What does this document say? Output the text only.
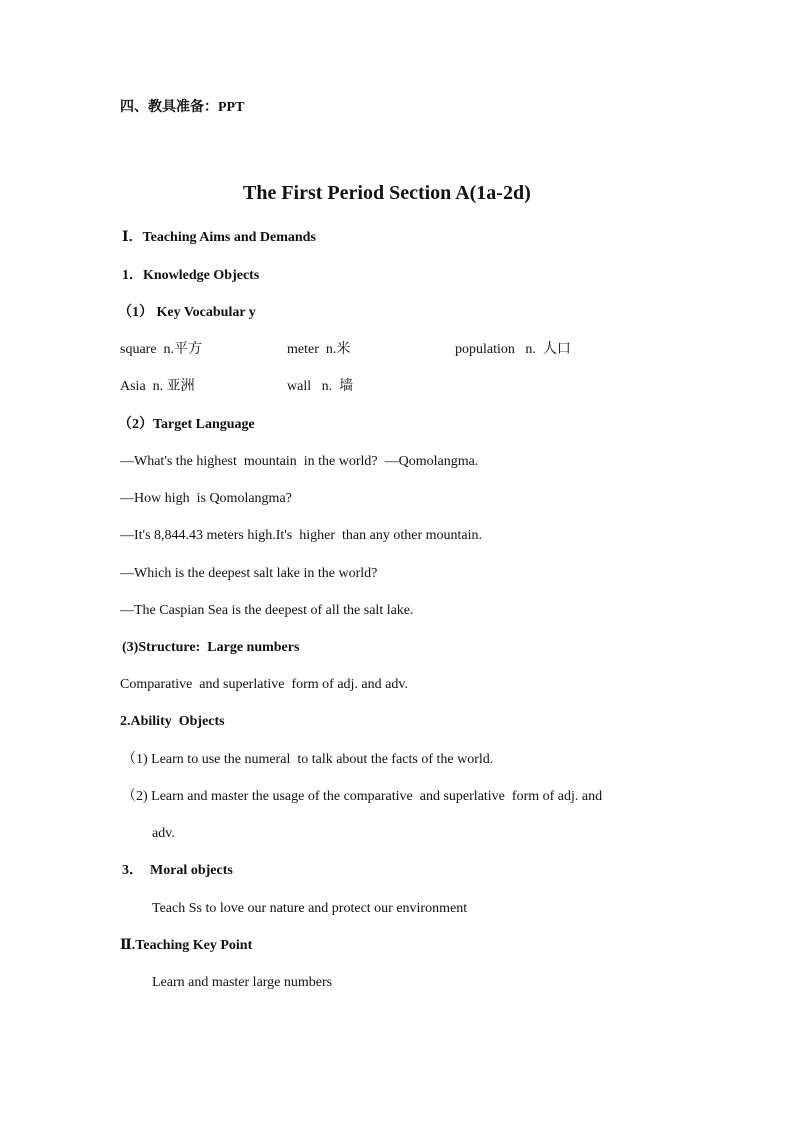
四、教具准备：PPT
The First Period Section A(1a-2d)
Ⅰ．Teaching Aims and Demands
1．Knowledge Objects
（1） Key Vocabular y
square  n.平方	meter  n.米	population   n.  人口
Asia  n. 亚洲	wall   n.  墙
（2）Target Language
—What's the highest  mountain  in the world?  —Qomolangma.
—How high  is Qomolangma?
—It's 8,844.43 meters high.It's  higher  than any other mountain.
—Which is the deepest salt lake in the world?
—The Caspian Sea is the deepest of all the salt lake.
(3)Structure:  Large numbers
Comparative  and superlative  form of adj. and adv.
2.Ability  Objects
（1) Learn to use the numeral  to talk about the facts of the world.
（2) Learn and master the usage of the comparative  and superlative  form of adj. and
adv.
3．  Moral objects
Teach Ss to love our nature and protect our environment
Ⅱ.Teaching Key Point
Learn and master large numbers
